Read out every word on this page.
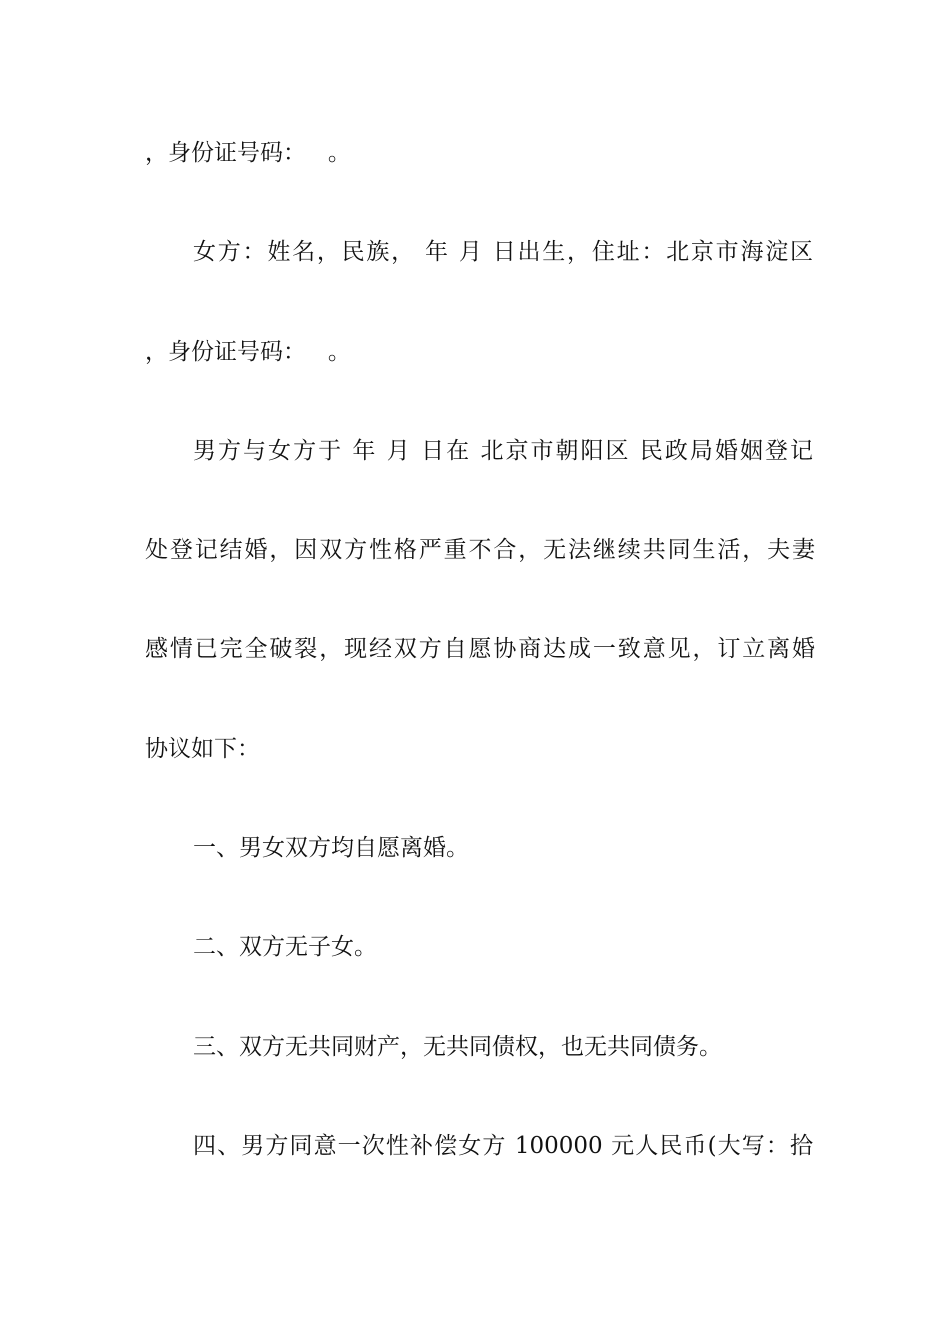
，身份证号码：   。
女方：姓名，民族， 年 月 日出生，住址：北京市海淀区
，身份证号码：   。
男方与女方于 年 月 日在 北京市朝阳区 民政局婚姻登记
处登记结婚，因双方性格严重不合，无法继续共同生活，夫妻
感情已完全破裂，现经双方自愿协商达成一致意见，订立离婚
协议如下：
一、男女双方均自愿离婚。
二、双方无子女。
三、双方无共同财产，无共同债权，也无共同债务。
四、男方同意一次性补偿女方 100000 元人民币(大写：拾
